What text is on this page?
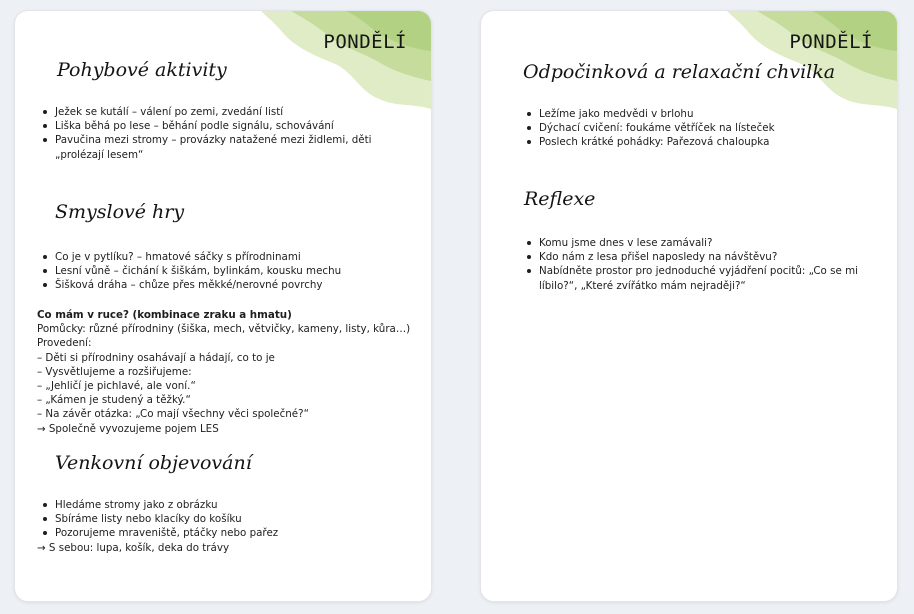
PONDĚLÍ
Pohybové aktivity
Ježek se kutálí – válení po zemi, zvedání listí
Liška běhá po lese – běhání podle signálu, schovávání
Pavučina mezi stromy – provázky natažené mezi židlemi, děti „prolézají lesem“
Smyslové hry
Co je v pytlíku? – hmatové sáčky s přírodninami
Lesní vůně – čichání k šiškám, bylinkám, kousku mechu
Šišková dráha – chůze přes měkké/nerovné povrchy
Co mám v ruce? (kombinace zraku a hmatu)
Pomůcky: různé přírodniny (šiška, mech, větvičky, kameny, listy, kůra…)
Provedení:
– Děti si přírodniny osahávají a hádají, co to je
– Vysvětlujeme a rozšiřujeme:
– „Jehličí je pichlavé, ale voní.“
– „Kámen je studený a těžký.“
– Na závěr otázka: „Co mají všechny věci společné?“
→ Společně vyvozujeme pojem LES
Venkovní objevování
Hledáme stromy jako z obrázku
Sbíráme listy nebo klacíky do košíku
Pozorujeme mraveniště, ptáčky nebo pařez
→ S sebou: lupa, košík, deka do trávy
PONDĚLÍ
Odpočinková a relaxační chvilka
Ležíme jako medvědi v brlohu
Dýchací cvičení: foukáme větříček na lísteček
Poslech krátké pohádky: Pařezová chaloupka
Reflexe
Komu jsme dnes v lese zamávali?
Kdo nám z lesa přišel naposledy na návštěvu?
Nabídněte prostor pro jednoduché vyjádření pocitů: „Co se mi líbilo?“, „Které zvířátko mám nejraději?“
